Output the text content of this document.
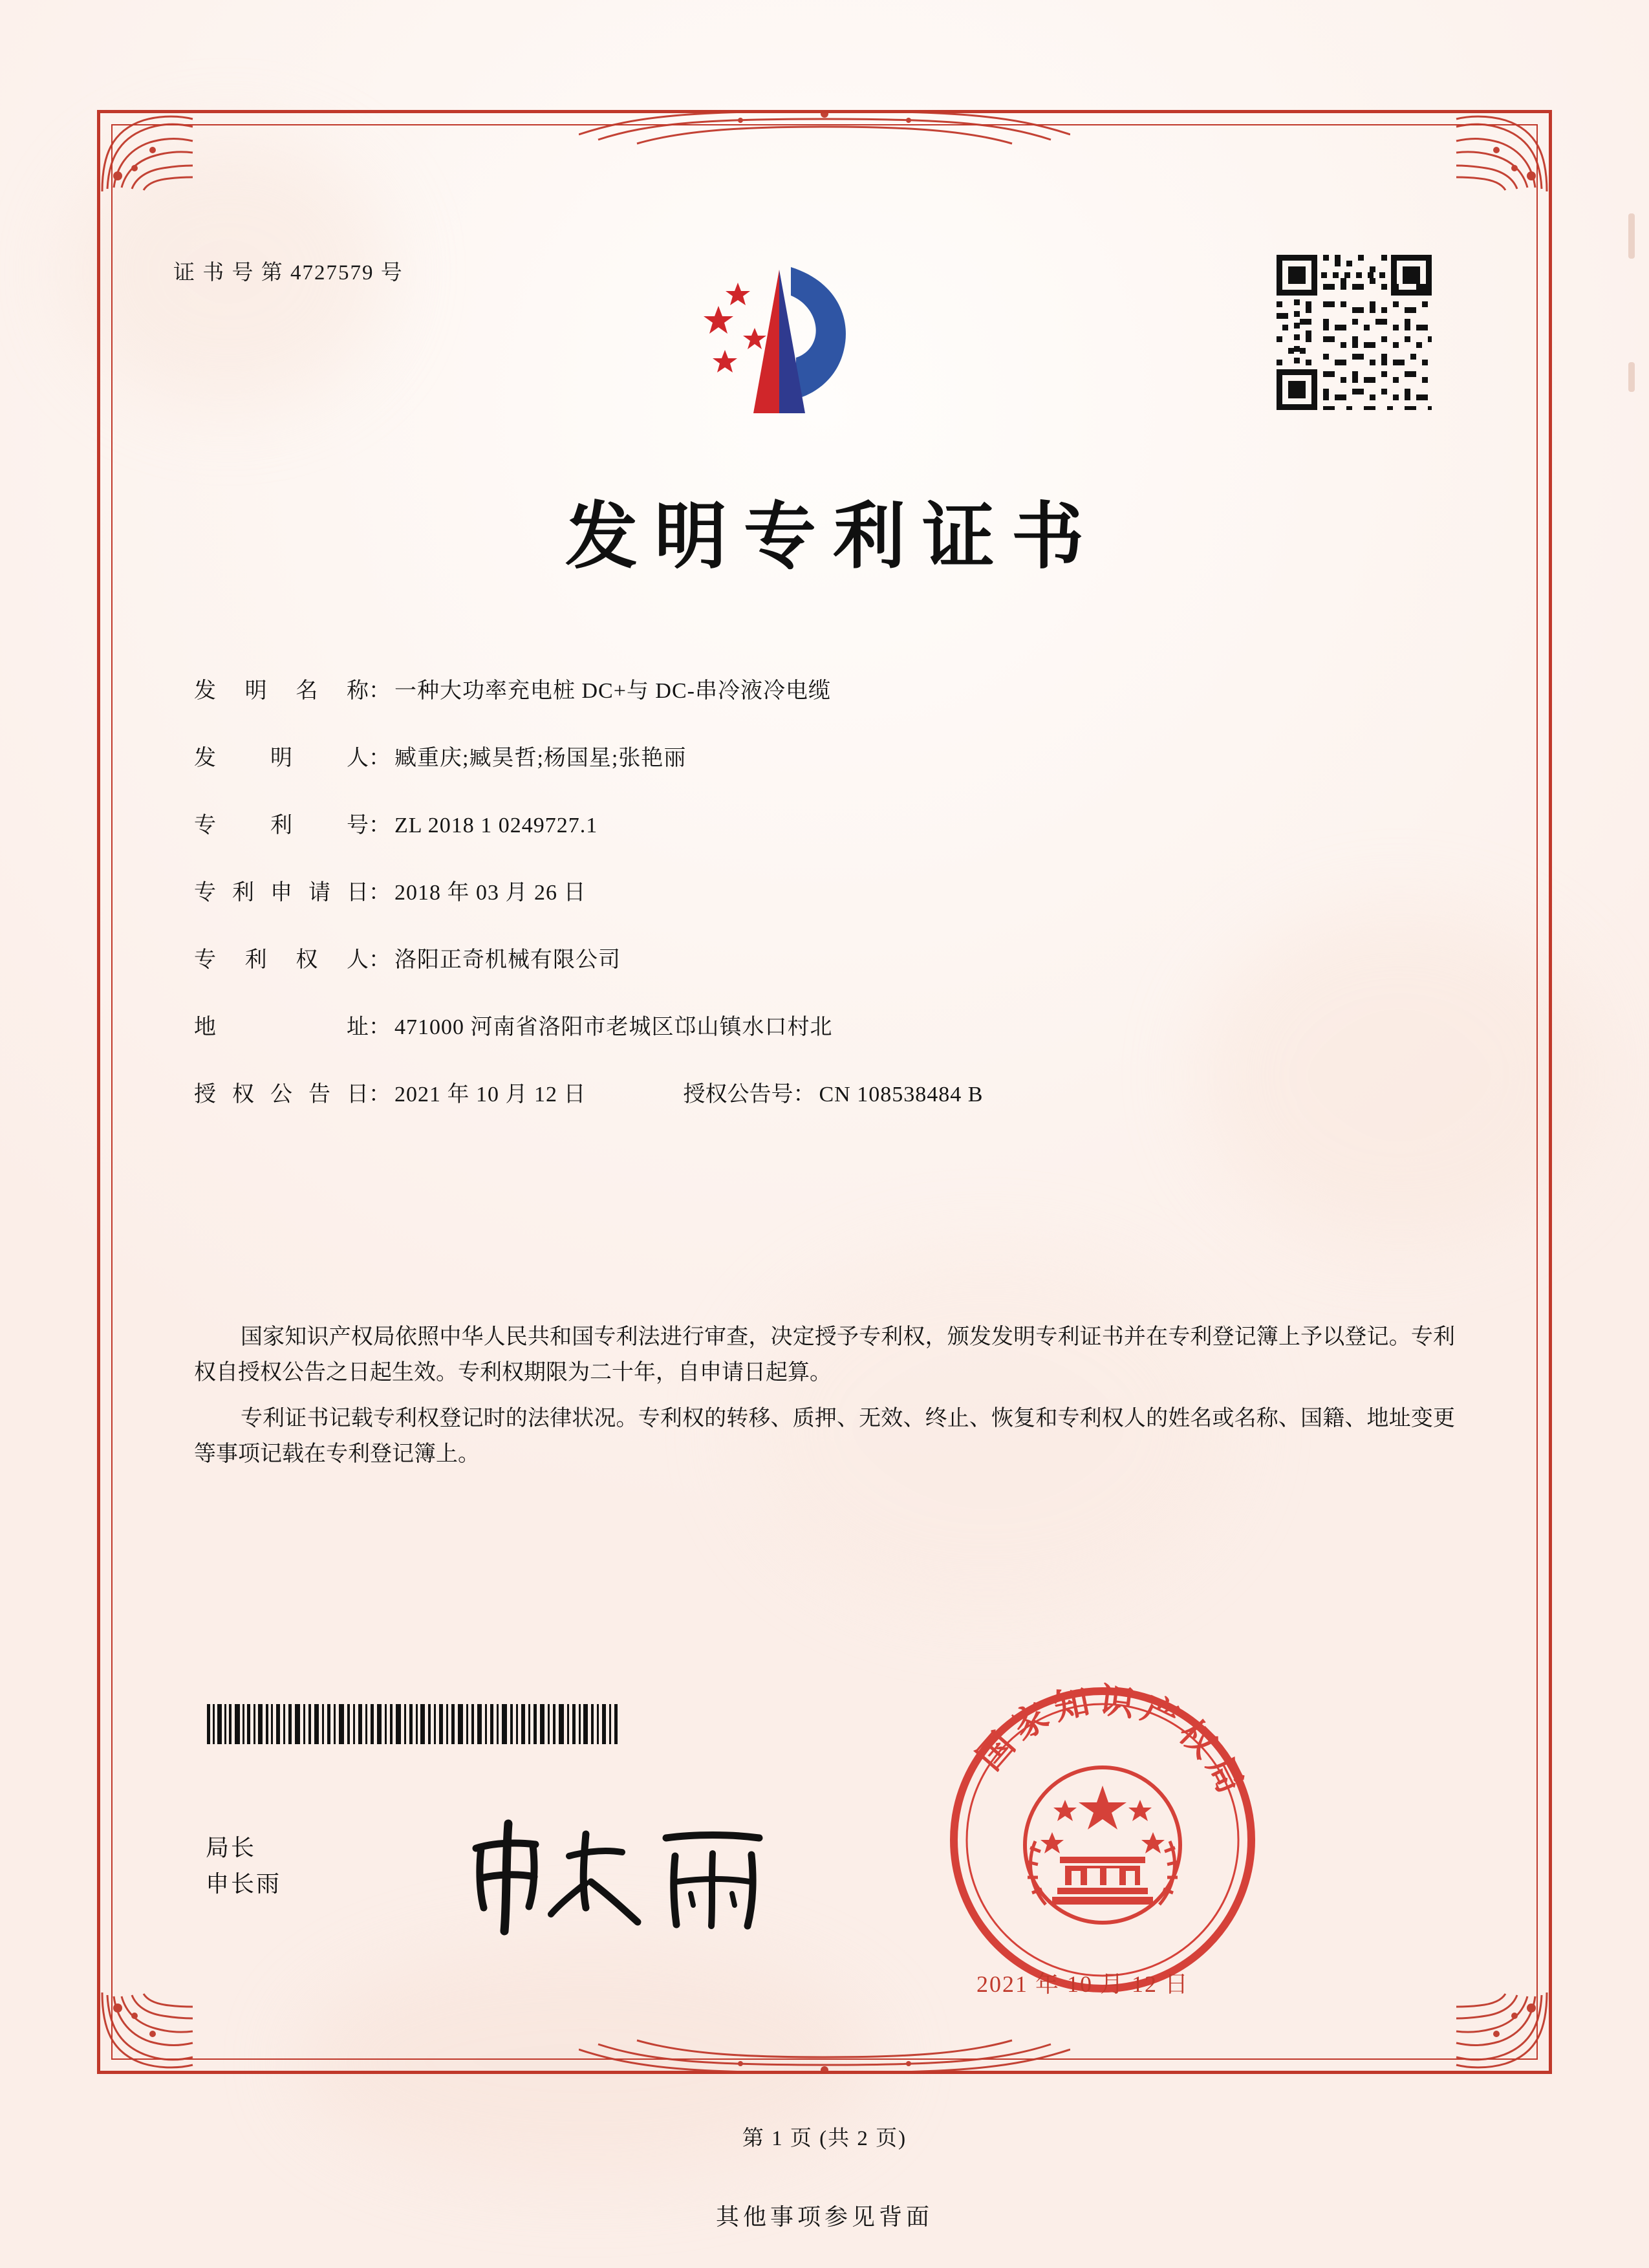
证 书 号 第 4727579 号
发明专利证书
发 明 名 称 ： 一种大功率充电桩 DC+与 DC-串冷液冷电缆
发 明 人 ： 臧重庆;臧昊哲;杨国星;张艳丽
专 利 号 ： ZL 2018 1 0249727.1
专利申请日 ： 2018 年 03 月 26 日
专 利 权 人 ： 洛阳正奇机械有限公司
地 址 ： 471000 河南省洛阳市老城区邙山镇水口村北
授权公告日 ： 2021 年 10 月 12 日	授权公告号 ： CN 108538484 B

国家知识产权局依照中华人民共和国专利法进行审查，决定授予专利权，颁发发明专利证书并在专利登记簿上予以登记。专利权自授权公告之日起生效。专利权期限为二十年，自申请日起算。

专利证书记载专利权登记时的法律状况。专利权的转移、质押、无效、终止、恢复和专利权人的姓名或名称、国籍、地址变更等事项记载在专利登记簿上。

局长
申长雨
国家知识产权局
2021 年 10 月 12 日
第 1 页 (共 2 页)
其他事项参见背面
